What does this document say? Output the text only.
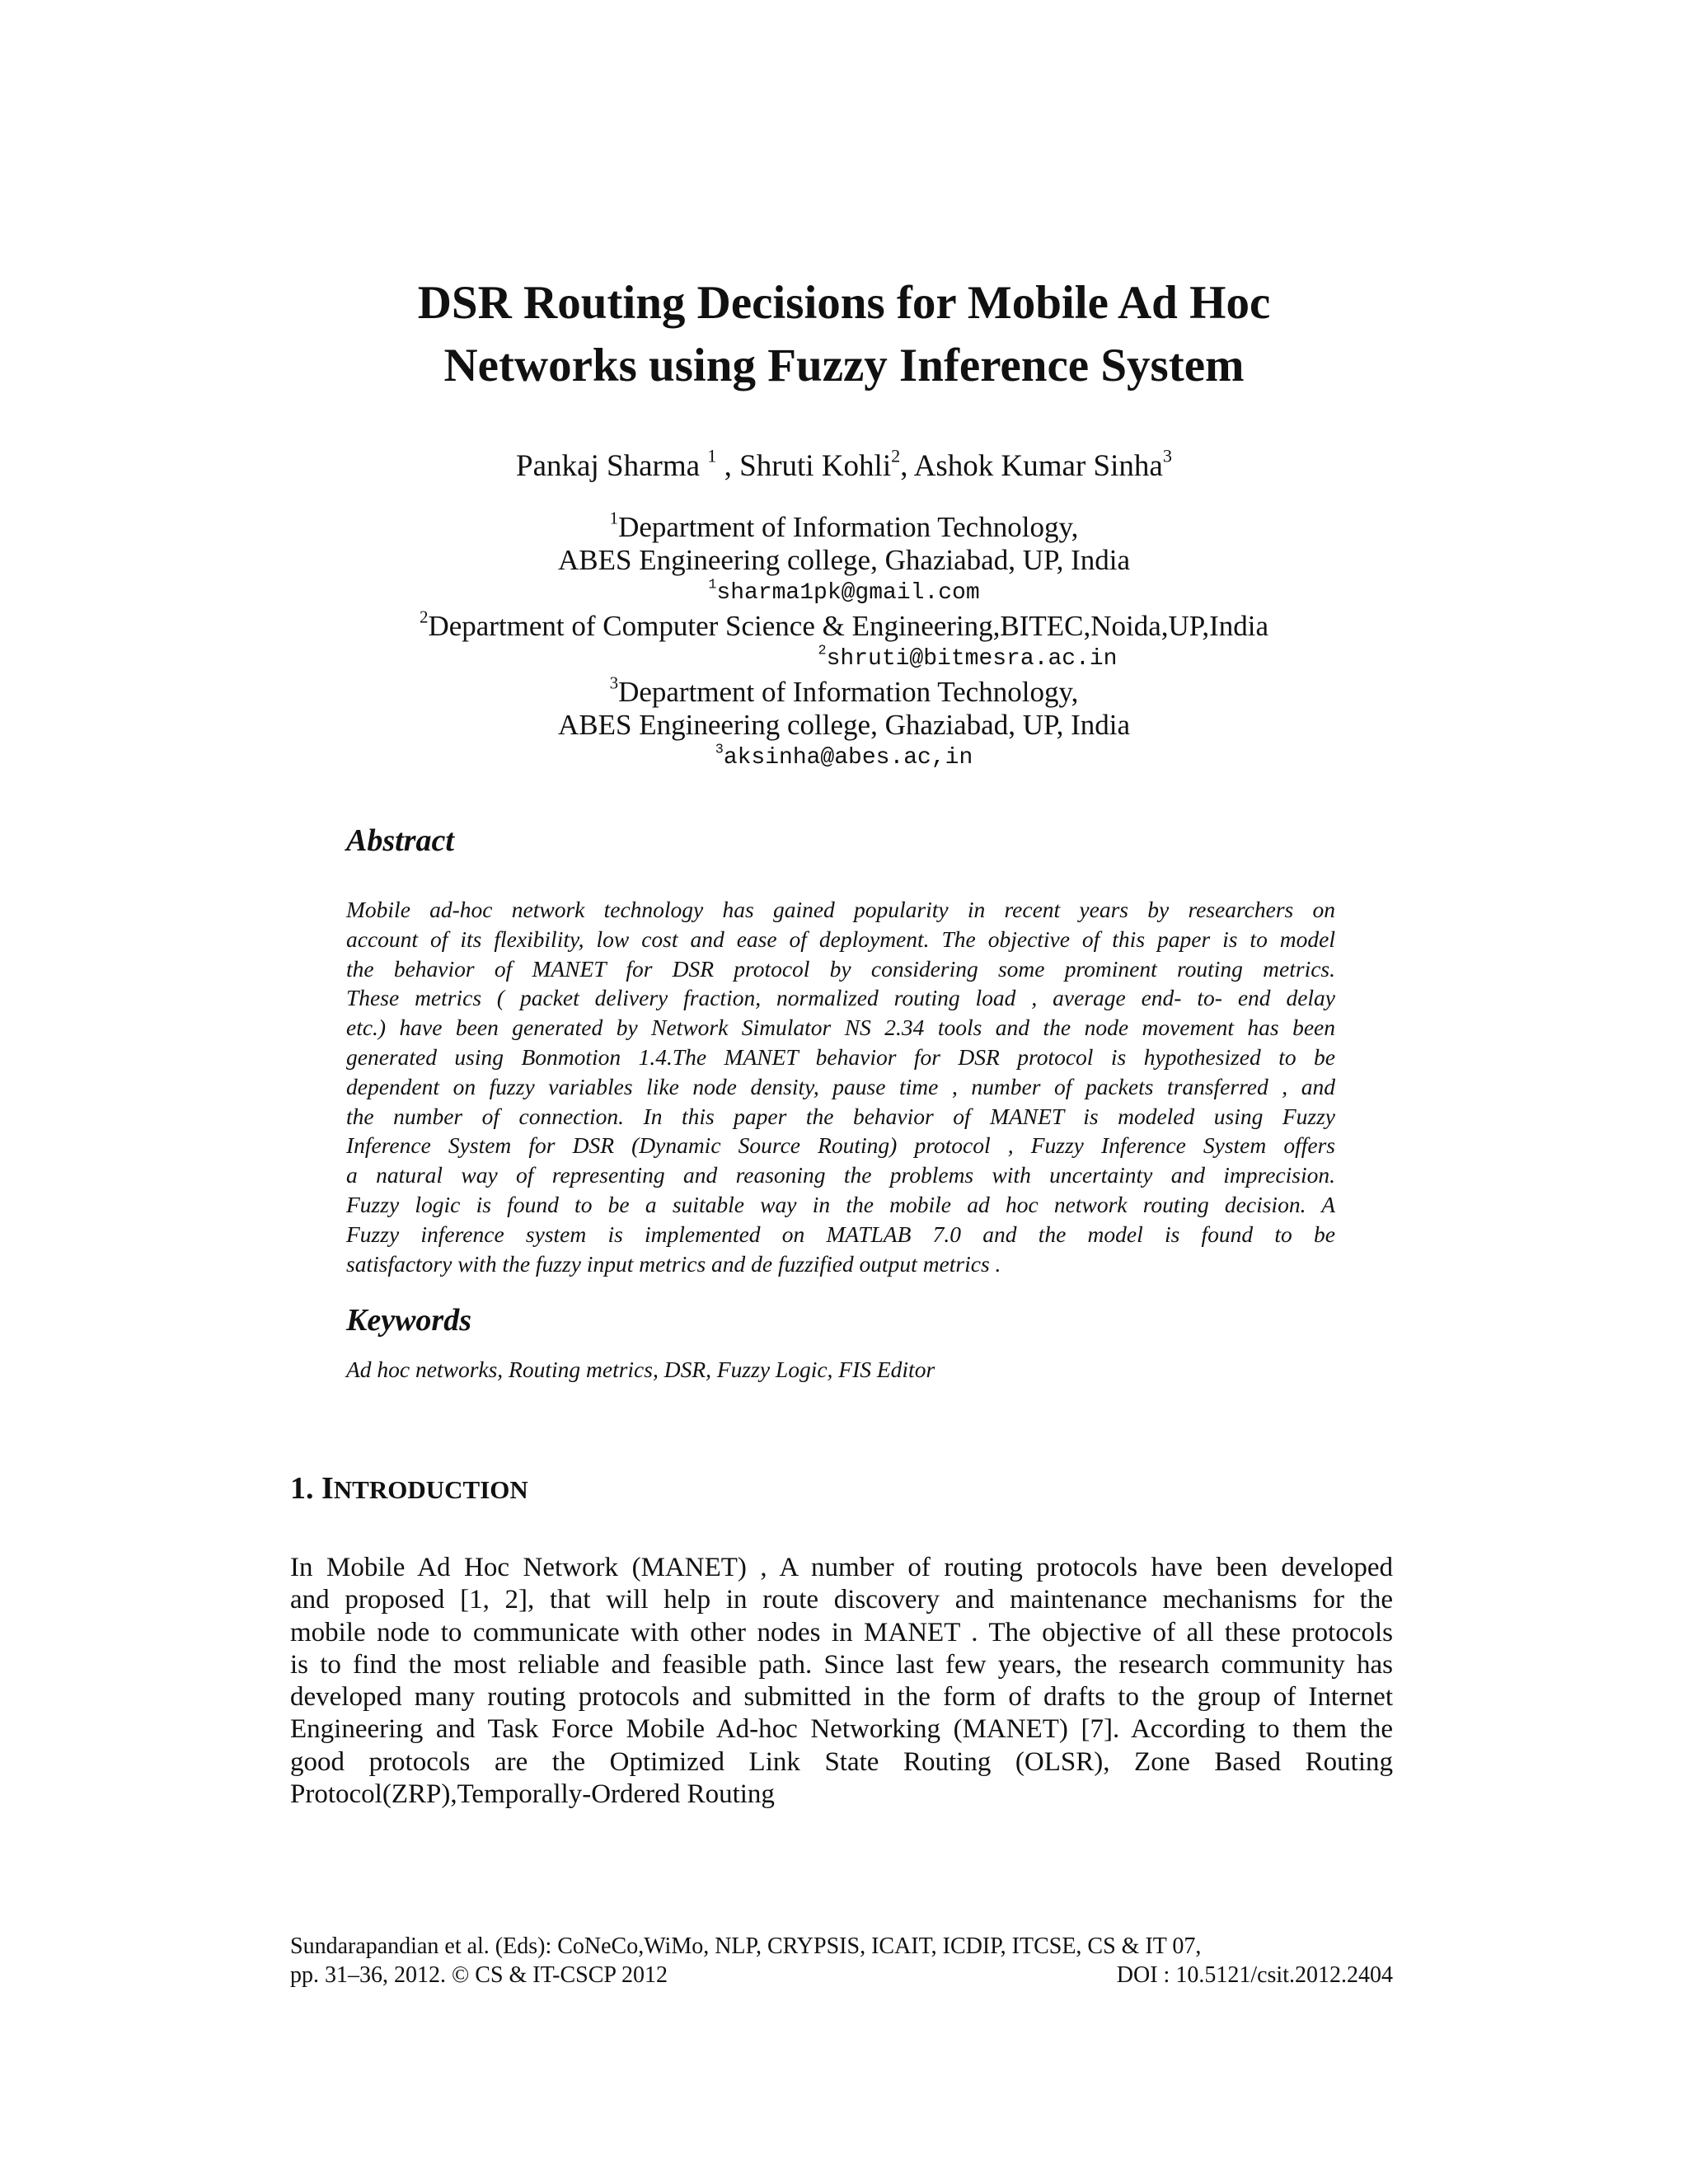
DSR Routing Decisions for Mobile Ad Hoc
Networks using Fuzzy Inference System
Pankaj Sharma $^1$ , Shruti Kohli$^2$, Ashok Kumar Sinha$^3$
$^1$Department of Information Technology,
ABES Engineering college, Ghaziabad, UP, India
$^1$sharma1pk@gmail.com
$^2$Department of Computer Science & Engineering,BITEC,Noida,UP,India
$^2$shruti@bitmesra.ac.in
$^3$Department of Information Technology,
ABES Engineering college, Ghaziabad, UP, India
$^3$aksinha@abes.ac,in
Abstract
Mobile ad-hoc network technology has gained popularity in recent years by researchers on
account of its flexibility, low cost and ease of deployment. The objective of this paper is to model
the behavior of MANET for DSR protocol by considering some prominent routing metrics.
These metrics ( packet delivery fraction, normalized routing load , average end- to- end delay
etc.) have been generated by Network Simulator NS 2.34 tools and the node movement has been
generated using Bonmotion 1.4.The MANET behavior for DSR protocol is hypothesized to be
dependent on fuzzy variables like node density, pause time , number of packets transferred , and
the number of connection. In this paper the behavior of MANET is modeled using Fuzzy
Inference System for DSR (Dynamic Source Routing) protocol , Fuzzy Inference System offers
a natural way of representing and reasoning the problems with uncertainty and imprecision.
Fuzzy logic is found to be a suitable way in the mobile ad hoc network routing decision. A
Fuzzy inference system is implemented on MATLAB 7.0 and the model is found to be
satisfactory with the fuzzy input metrics and de fuzzified output metrics .
Keywords
Ad hoc networks, Routing metrics, DSR, Fuzzy Logic, FIS Editor
1. INTRODUCTION
In Mobile Ad Hoc Network (MANET) , A number of routing protocols have been developed
and proposed [1, 2], that will help in route discovery and maintenance mechanisms for the
mobile node to communicate with other nodes in MANET . The objective of all these protocols
is to find the most reliable and feasible path. Since last few years, the research community has
developed many routing protocols and submitted in the form of drafts to the group of Internet
Engineering and Task Force Mobile Ad-hoc Networking (MANET) [7]. According to them the
good protocols are the Optimized Link State Routing (OLSR), Zone Based Routing
Protocol(ZRP),Temporally-Ordered Routing
Sundarapandian et al. (Eds): CoNeCo,WiMo, NLP, CRYPSIS, ICAIT, ICDIP, ITCSE, CS & IT 07,
pp. 31–36, 2012. © CS & IT-CSCP 2012	DOI : 10.5121/csit.2012.2404
